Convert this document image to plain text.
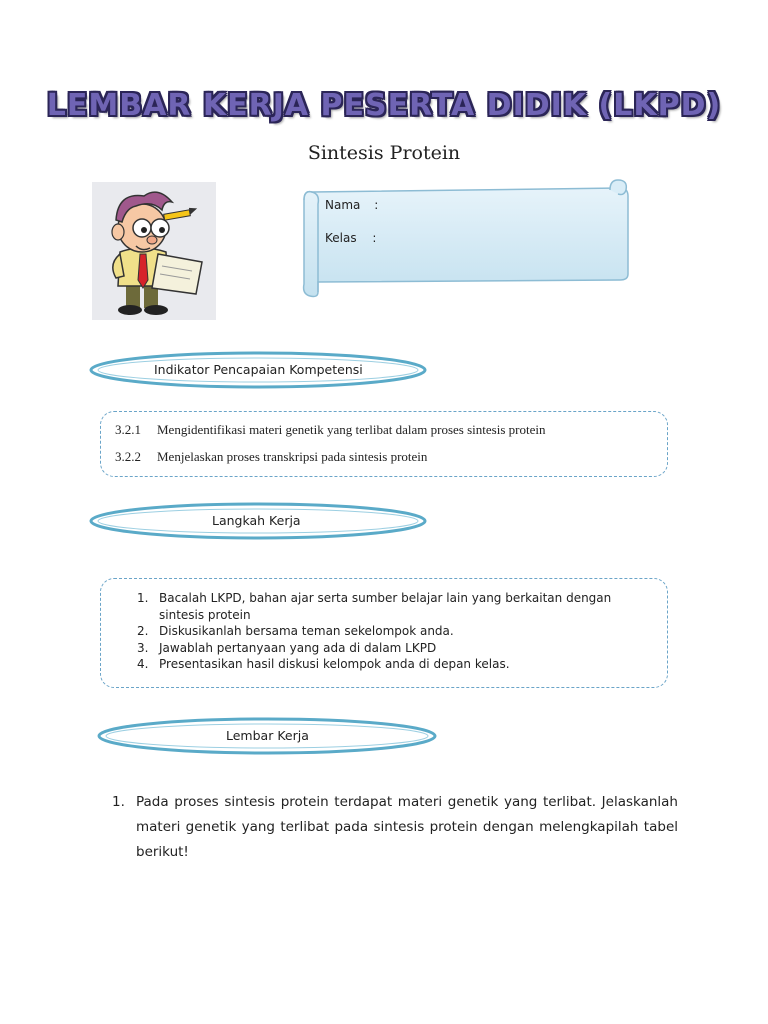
LEMBAR KERJA PESERTA DIDIK (LKPD)
Sintesis Protein
Nama :
Kelas :
Indikator Pencapaian Kompetensi
3.2.1 Mengidentifikasi materi genetik yang terlibat dalam proses sintesis protein
3.2.2 Menjelaskan proses transkripsi pada sintesis protein
Langkah Kerja
1. Bacalah LKPD, bahan ajar serta sumber belajar lain yang berkaitan dengan sintesis protein
2. Diskusikanlah bersama teman sekelompok anda.
3. Jawablah pertanyaan yang ada di dalam LKPD
4. Presentasikan hasil diskusi kelompok anda di depan kelas.
Lembar Kerja
1. Pada proses sintesis protein terdapat materi genetik yang terlibat. Jelaskanlah materi genetik yang terlibat pada sintesis protein dengan melengkapilah tabel berikut!
